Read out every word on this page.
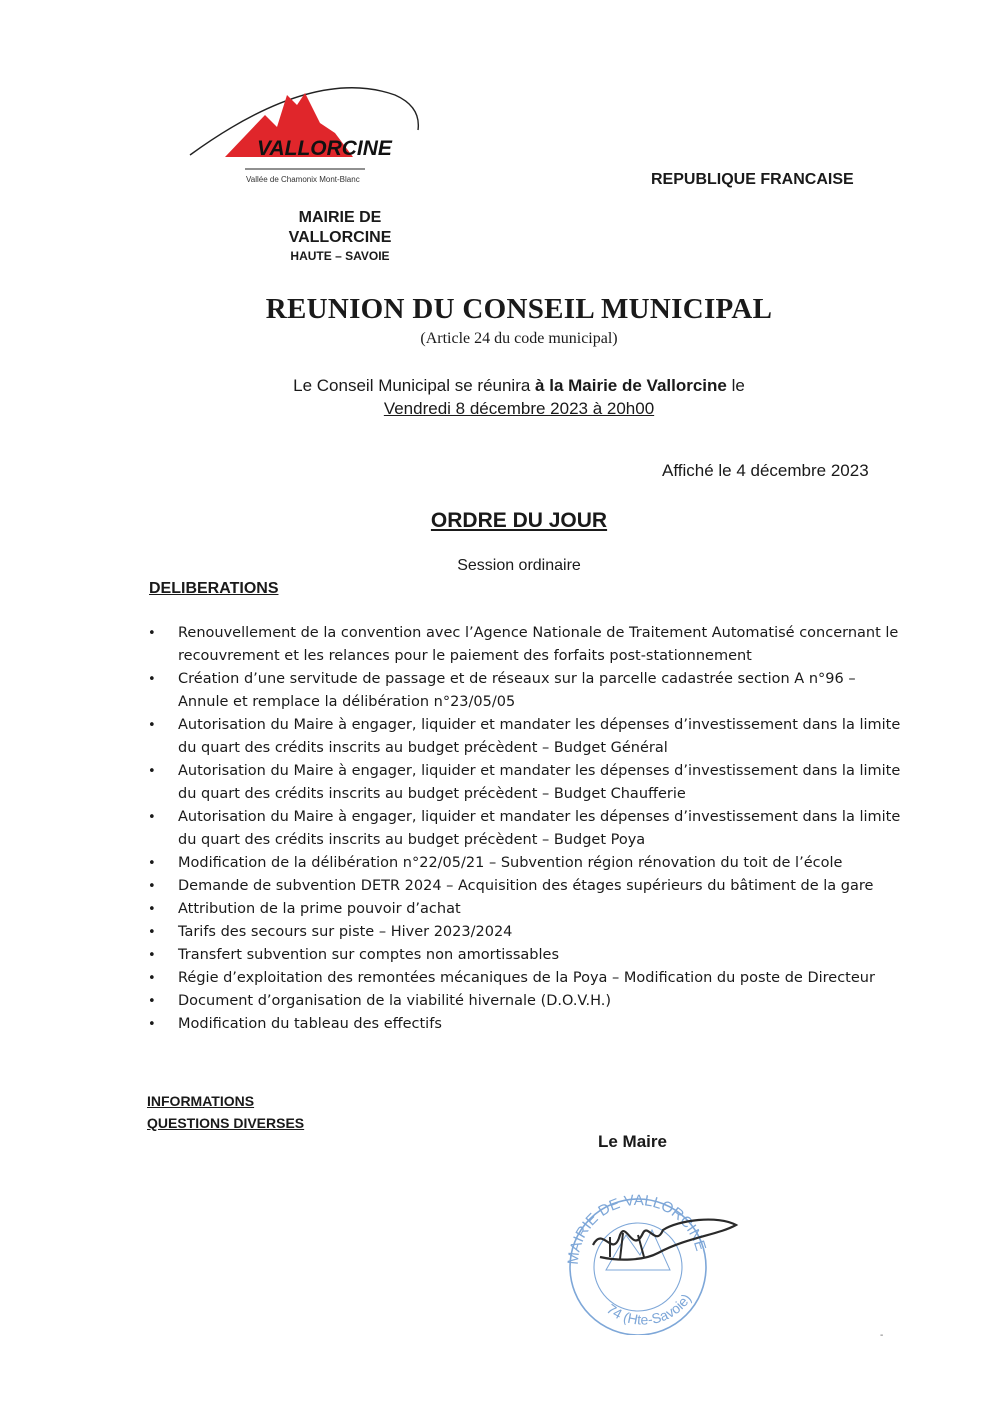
VALLORCINE
Vallée de Chamonix Mont-Blanc	REPUBLIQUE FRANCAISE
MAIRIE DE
VALLORCINE
HAUTE – SAVOIE
REUNION DU CONSEIL MUNICIPAL
(Article 24 du code municipal)
Le Conseil Municipal se réunira à la Mairie de Vallorcine le
Vendredi 8 décembre 2023 à 20h00
Affiché le 4 décembre 2023
ORDRE DU JOUR
Session ordinaire
DELIBERATIONS
• Renouvellement de la convention avec l’Agence Nationale de Traitement Automatisé concernant le recouvrement et les relances pour le paiement des forfaits post-stationnement
• Création d’une servitude de passage et de réseaux sur la parcelle cadastrée section A n°96 – Annule et remplace la délibération n°23/05/05
• Autorisation du Maire à engager, liquider et mandater les dépenses d’investissement dans la limite du quart des crédits inscrits au budget précèdent – Budget Général
• Autorisation du Maire à engager, liquider et mandater les dépenses d’investissement dans la limite du quart des crédits inscrits au budget précèdent – Budget Chaufferie
• Autorisation du Maire à engager, liquider et mandater les dépenses d’investissement dans la limite du quart des crédits inscrits au budget précèdent – Budget Poya
• Modification de la délibération n°22/05/21 – Subvention région rénovation du toit de l’école
• Demande de subvention DETR 2024 – Acquisition des étages supérieurs du bâtiment de la gare
• Attribution de la prime pouvoir d’achat
• Tarifs des secours sur piste – Hiver 2023/2024
• Transfert subvention sur comptes non amortissables
• Régie d’exploitation des remontées mécaniques de la Poya – Modification du poste de Directeur
• Document d’organisation de la viabilité hivernale (D.O.V.H.)
• Modification du tableau des effectifs
INFORMATIONS
QUESTIONS DIVERSES
Le Maire
MAIRIE DE VALLORCINE
74 (Hte-Savoie)
-
